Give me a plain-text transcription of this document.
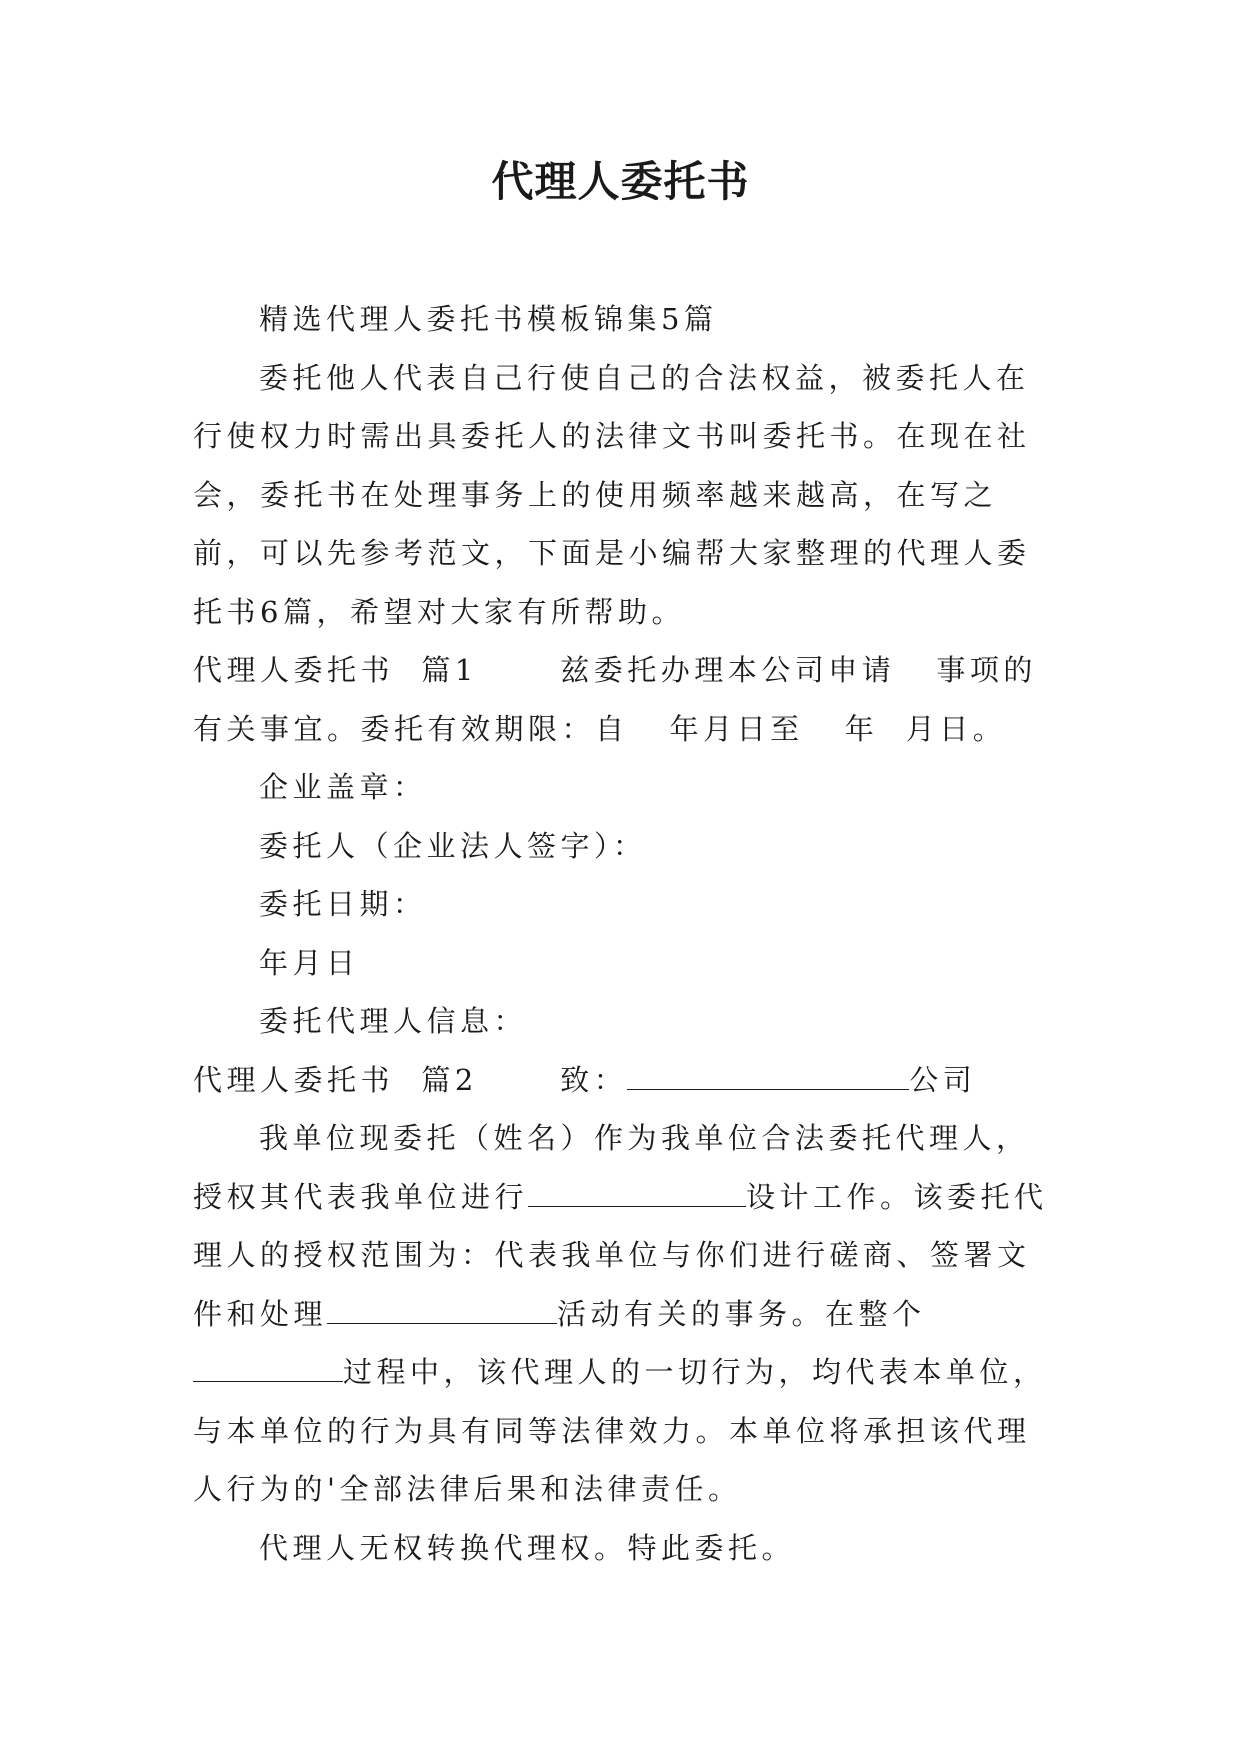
代理人委托书

精选代理人委托书模板锦集5篇

委托他人代表自己行使自己的合法权益，被委托人在行使权力时需出具委托人的法律文书叫委托书。在现在社会，委托书在处理事务上的使用频率越来越高，在写之前，可以先参考范文，下面是小编帮大家整理的代理人委托书6篇，希望对大家有所帮助。

代理人委托书  篇1      兹委托办理本公司申请   事项的有关事宜。委托有效期限：自   年月日至   年  月日。

企业盖章：

委托人（企业法人签字）：

委托日期：

年月日

委托代理人信息：

代理人委托书  篇2      致：	公司

我单位现委托（姓名）作为我单位合法委托代理人，授权其代表我单位进行	设计工作。该委托代理人的授权范围为：代表我单位与你们进行磋商、签署文件和处理	活动有关的事务。在整个过程中，该代理人的一切行为，均代表本单位，与本单位的行为具有同等法律效力。本单位将承担该代理人行为的'全部法律后果和法律责任。

代理人无权转换代理权。特此委托。
